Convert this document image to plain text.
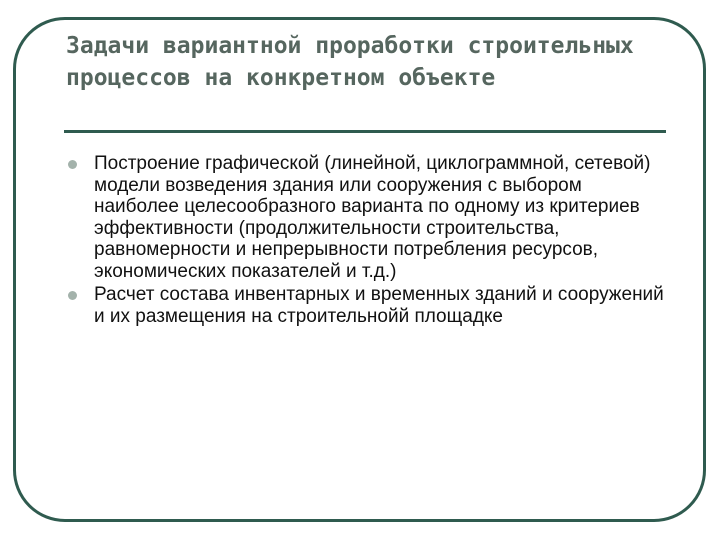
Задачи вариантной проработки строительных процессов на конкретном объекте
Построение графической (линейной, циклограммной, сетевой) модели возведения здания или сооружения с выбором наиболее целесообразного варианта по одному из критериев эффективности (продолжительности строительства, равномерности и непрерывности потребления ресурсов, экономических показателей и т.д.)
Расчет состава инвентарных и временных зданий и сооружений и их размещения на строительнойй площадке
